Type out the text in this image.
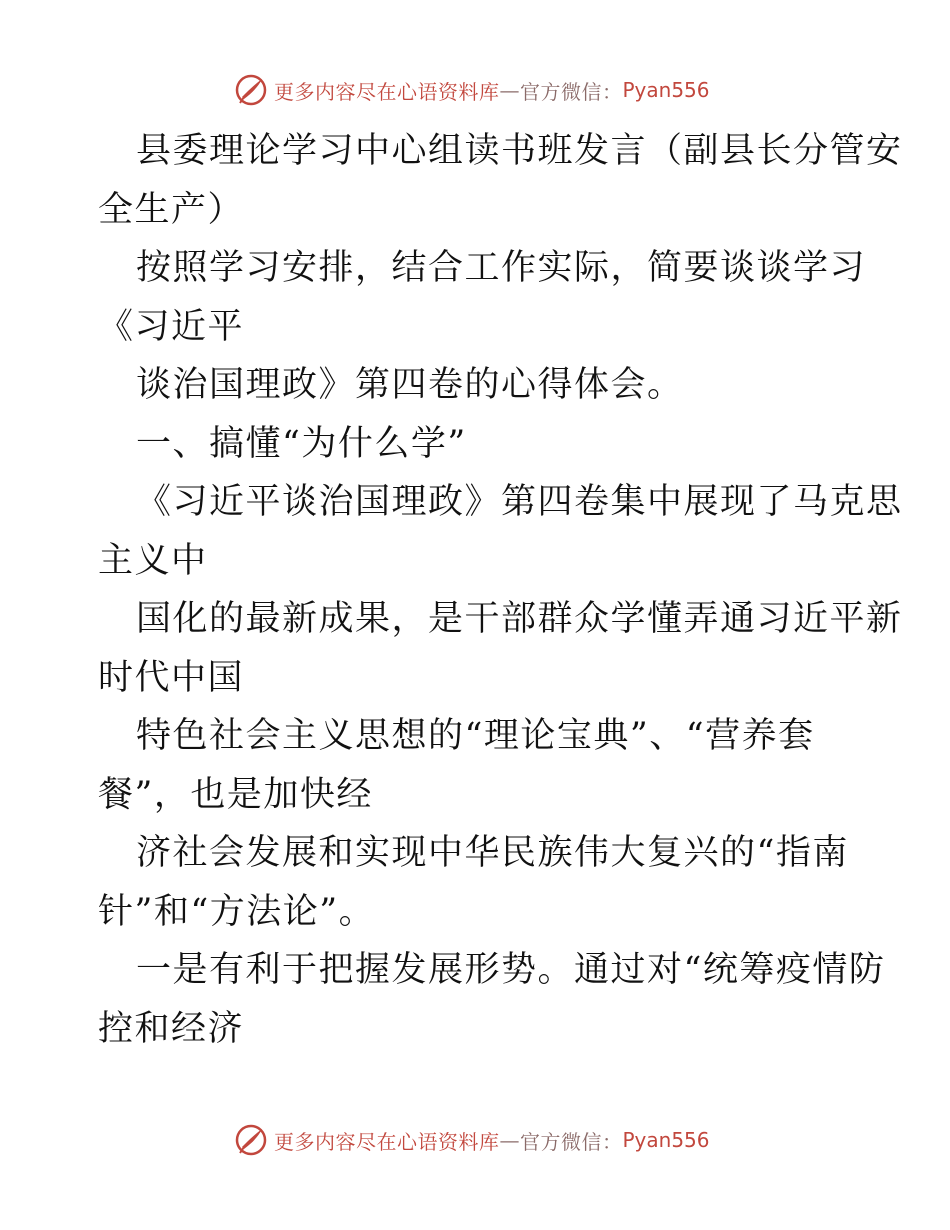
更多内容尽在心语资料库 — 官方微信： Pyan556
县委理论学习中心组读书班发言（副县长分管安
全生产）
按照学习安排，结合工作实际，简要谈谈学习
《习近平
谈治国理政》第四卷的心得体会。
一、搞懂“为什么学”
《习近平谈治国理政》第四卷集中展现了马克思
主义中
国化的最新成果，是干部群众学懂弄通习近平新
时代中国
特色社会主义思想的“理论宝典”、“营养套
餐”，也是加快经
济社会发展和实现中华民族伟大复兴的“指南
针”和“方法论”。
一是有利于把握发展形势。通过对“统筹疫情防
控和经济
更多内容尽在心语资料库 — 官方微信： Pyan556
